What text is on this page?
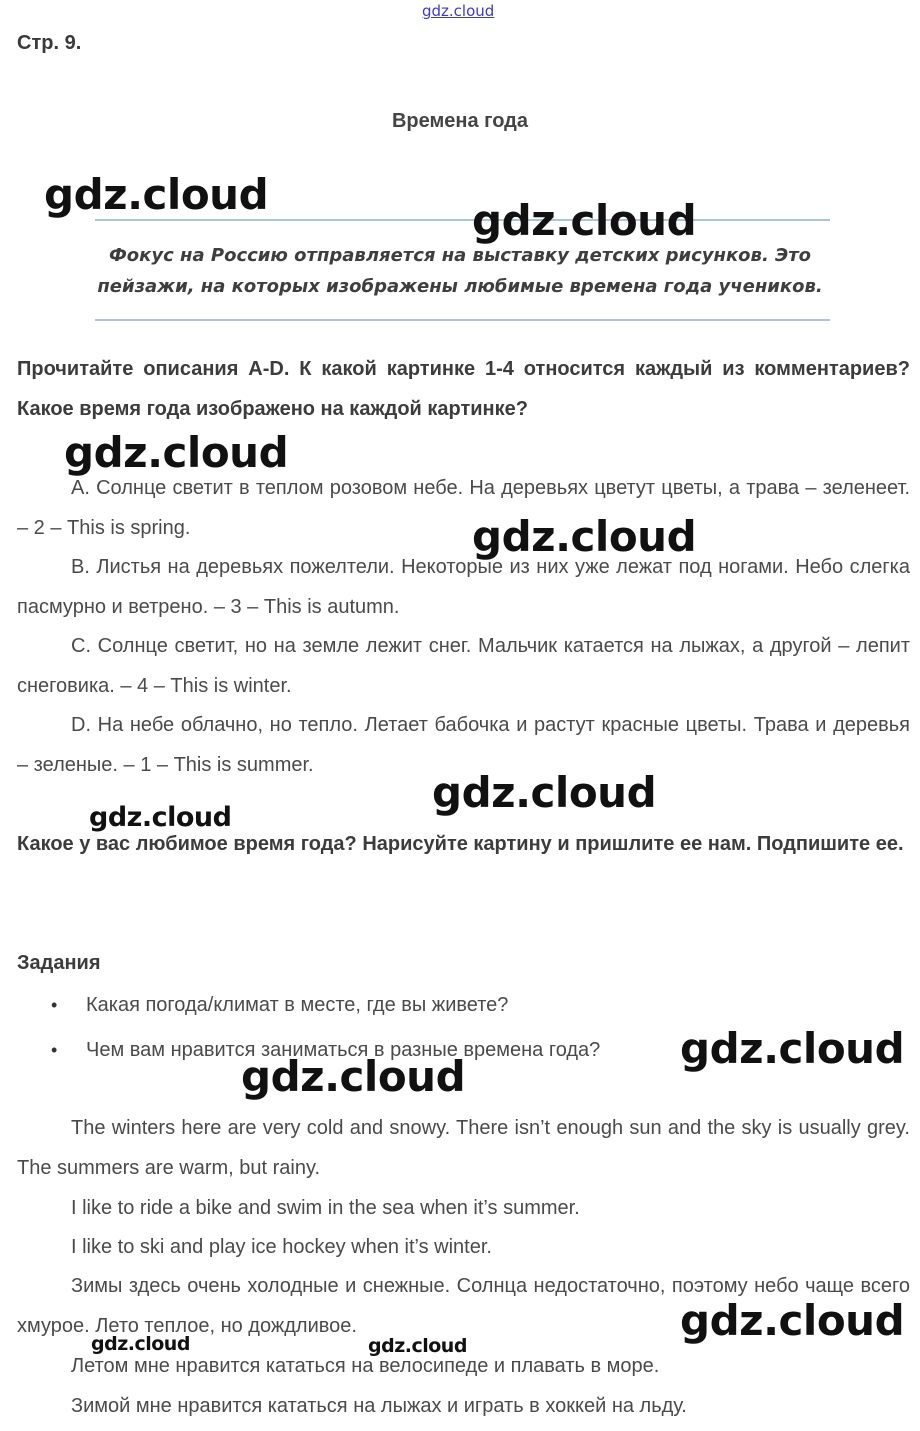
Стр. 9.
Времена года
Фокус на Россию отправляется на выставку детских рисунков. Это
пейзажи, на которых изображены любимые времена года учеников.
Прочитайте описания A-D. К какой картинке 1-4 относится каждый из комментариев? Какое время года изображено на каждой картинке?
A. Солнце светит в теплом розовом небе. На деревьях цветут цветы, а трава – зеленеет. – 2 – This is spring.
B. Листья на деревьях пожелтели. Некоторые из них уже лежат под ногами. Небо слегка пасмурно и ветрено. – 3 – This is autumn.
C. Солнце светит, но на земле лежит снег. Мальчик катается на лыжах, а другой – лепит снеговика. – 4 – This is winter.
D. На небе облачно, но тепло. Летает бабочка и растут красные цветы. Трава и деревья – зеленые. – 1 – This is summer.
Какое у вас любимое время года? Нарисуйте картину и пришлите ее нам. Подпишите ее.
Задания
• Какая погода/климат в месте, где вы живете?
• Чем вам нравится заниматься в разные времена года?
The winters here are very cold and snowy. There isn’t enough sun and the sky is usually grey. The summers are warm, but rainy.
I like to ride a bike and swim in the sea when it’s summer.
I like to ski and play ice hockey when it’s winter.
Зимы здесь очень холодные и снежные. Солнца недостаточно, поэтому небо чаще всего хмурое. Лето теплое, но дождливое.
Летом мне нравится кататься на велосипеде и плавать в море.
Зимой мне нравится кататься на лыжах и играть в хоккей на льду.
gdz.cloud
gdz.cloud
gdz.cloud
gdz.cloud
gdz.cloud
gdz.cloud
gdz.cloud
gdz.cloud
gdz.cloud
gdz.cloud
gdz.cloud	gdz.cloud
